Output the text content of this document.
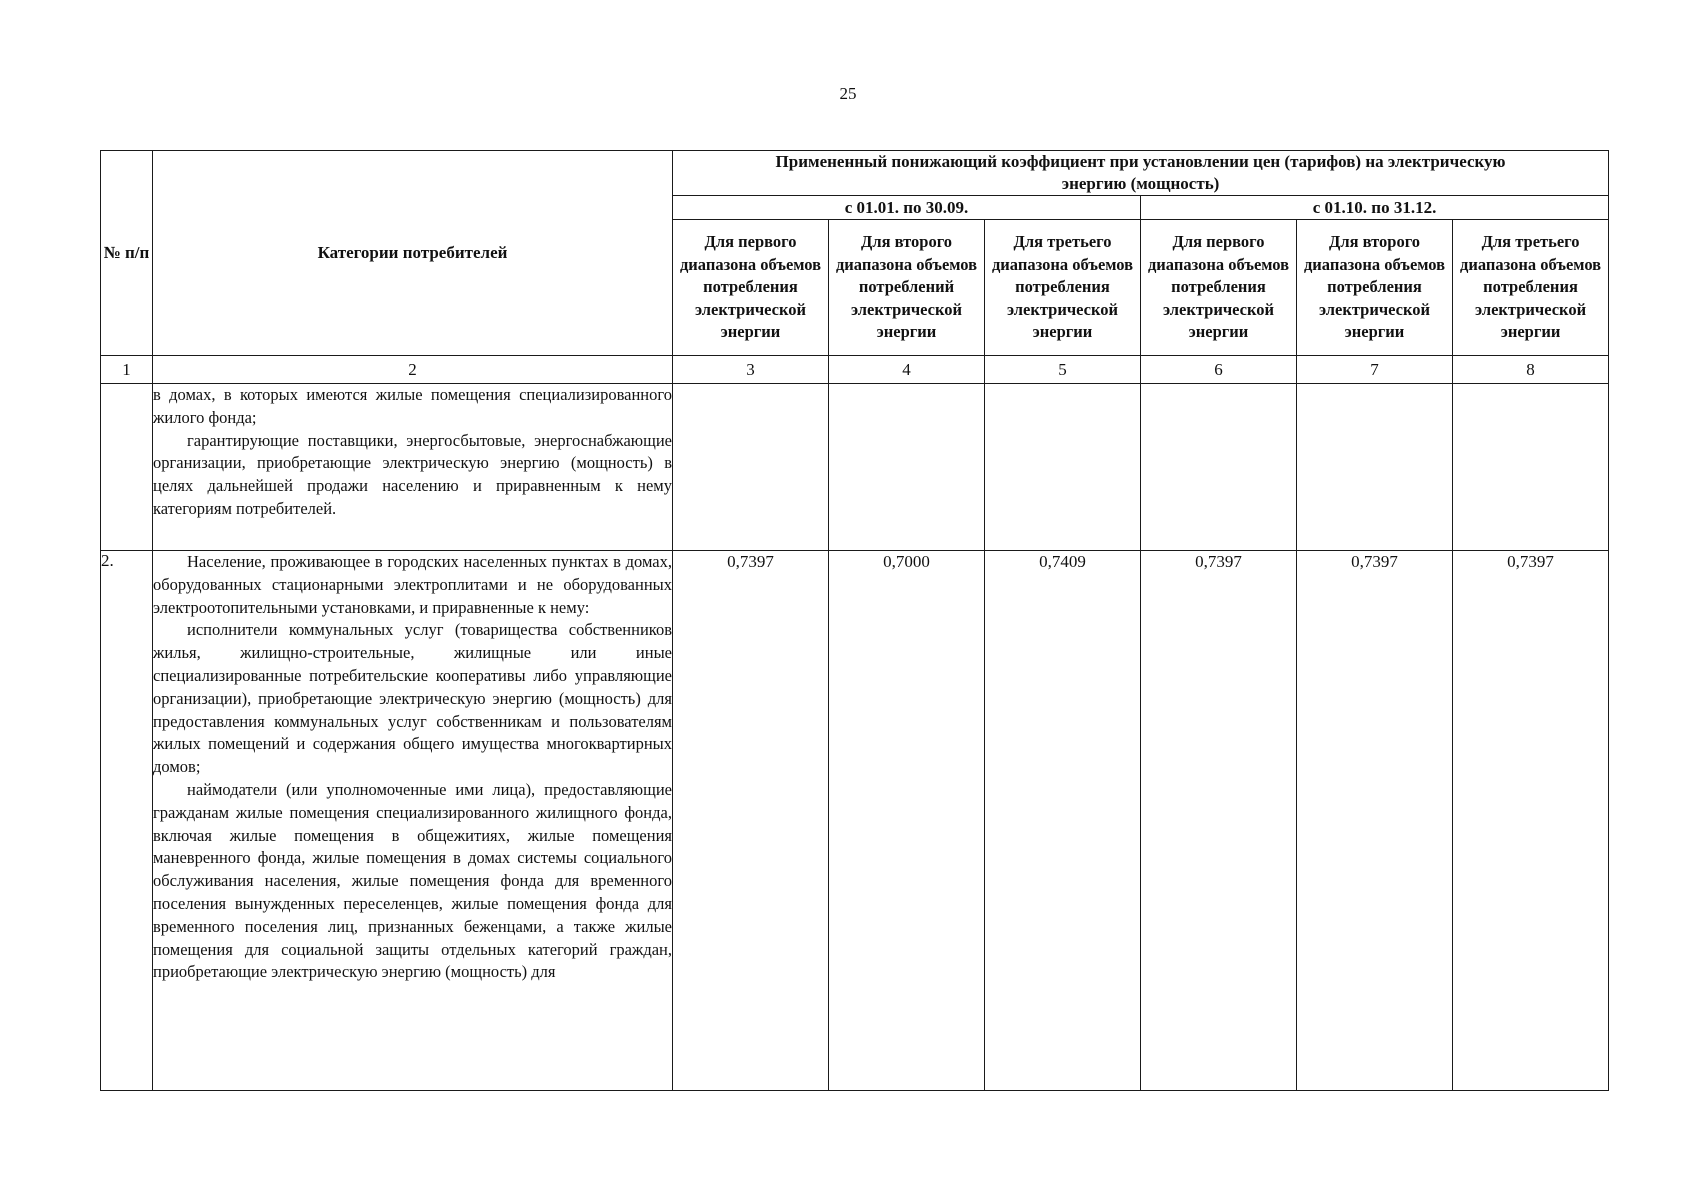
25
№ п/п	Категории потребителей	Примененный понижающий коэффициент при установлении цен (тарифов) на электрическую энергию (мощность)					
		с 01.01. по 30.09.			с 01.10. по 31.12.		
		Для первого диапазона объемов потребления электрической энергии	Для второго диапазона объемов потреблений электрической энергии	Для третьего диапазона объемов потребления электрической энергии	Для первого диапазона объемов потребления электрической энергии	Для второго диапазона объемов потребления электрической энергии	Для третьего диапазона объемов потребления электрической энергии
1	2	3	4	5	6	7	8

	в домах, в которых имеются жилые помещения специализированного жилого фонда;
гарантирующие поставщики, энергосбытовые, энергоснабжающие организации, приобретающие электрическую энергию (мощность) в целях дальнейшей продажи населению и приравненным к нему категориям потребителей.						

2.	Население, проживающее в городских населенных пунктах в домах, оборудованных стационарными электроплитами и не оборудованных электроотопительными установками, и приравненные к нему:
исполнители коммунальных услуг (товарищества собственников жилья, жилищно-строительные, жилищные или иные специализированные потребительские кооперативы либо управляющие организации), приобретающие электрическую энергию (мощность) для предоставления коммунальных услуг собственникам и пользователям жилых помещений и содержания общего имущества многоквартирных домов;
наймодатели (или уполномоченные ими лица), предоставляющие гражданам жилые помещения специализированного жилищного фонда, включая жилые помещения в общежитиях, жилые помещения маневренного фонда, жилые помещения в домах системы социального обслуживания населения, жилые помещения фонда для временного поселения вынужденных переселенцев, жилые помещения фонда для временного поселения лиц, признанных беженцами, а также жилые помещения для социальной защиты отдельных категорий граждан, приобретающие электрическую энергию (мощность) для	0,7397	0,7000	0,7409	0,7397	0,7397	0,7397
